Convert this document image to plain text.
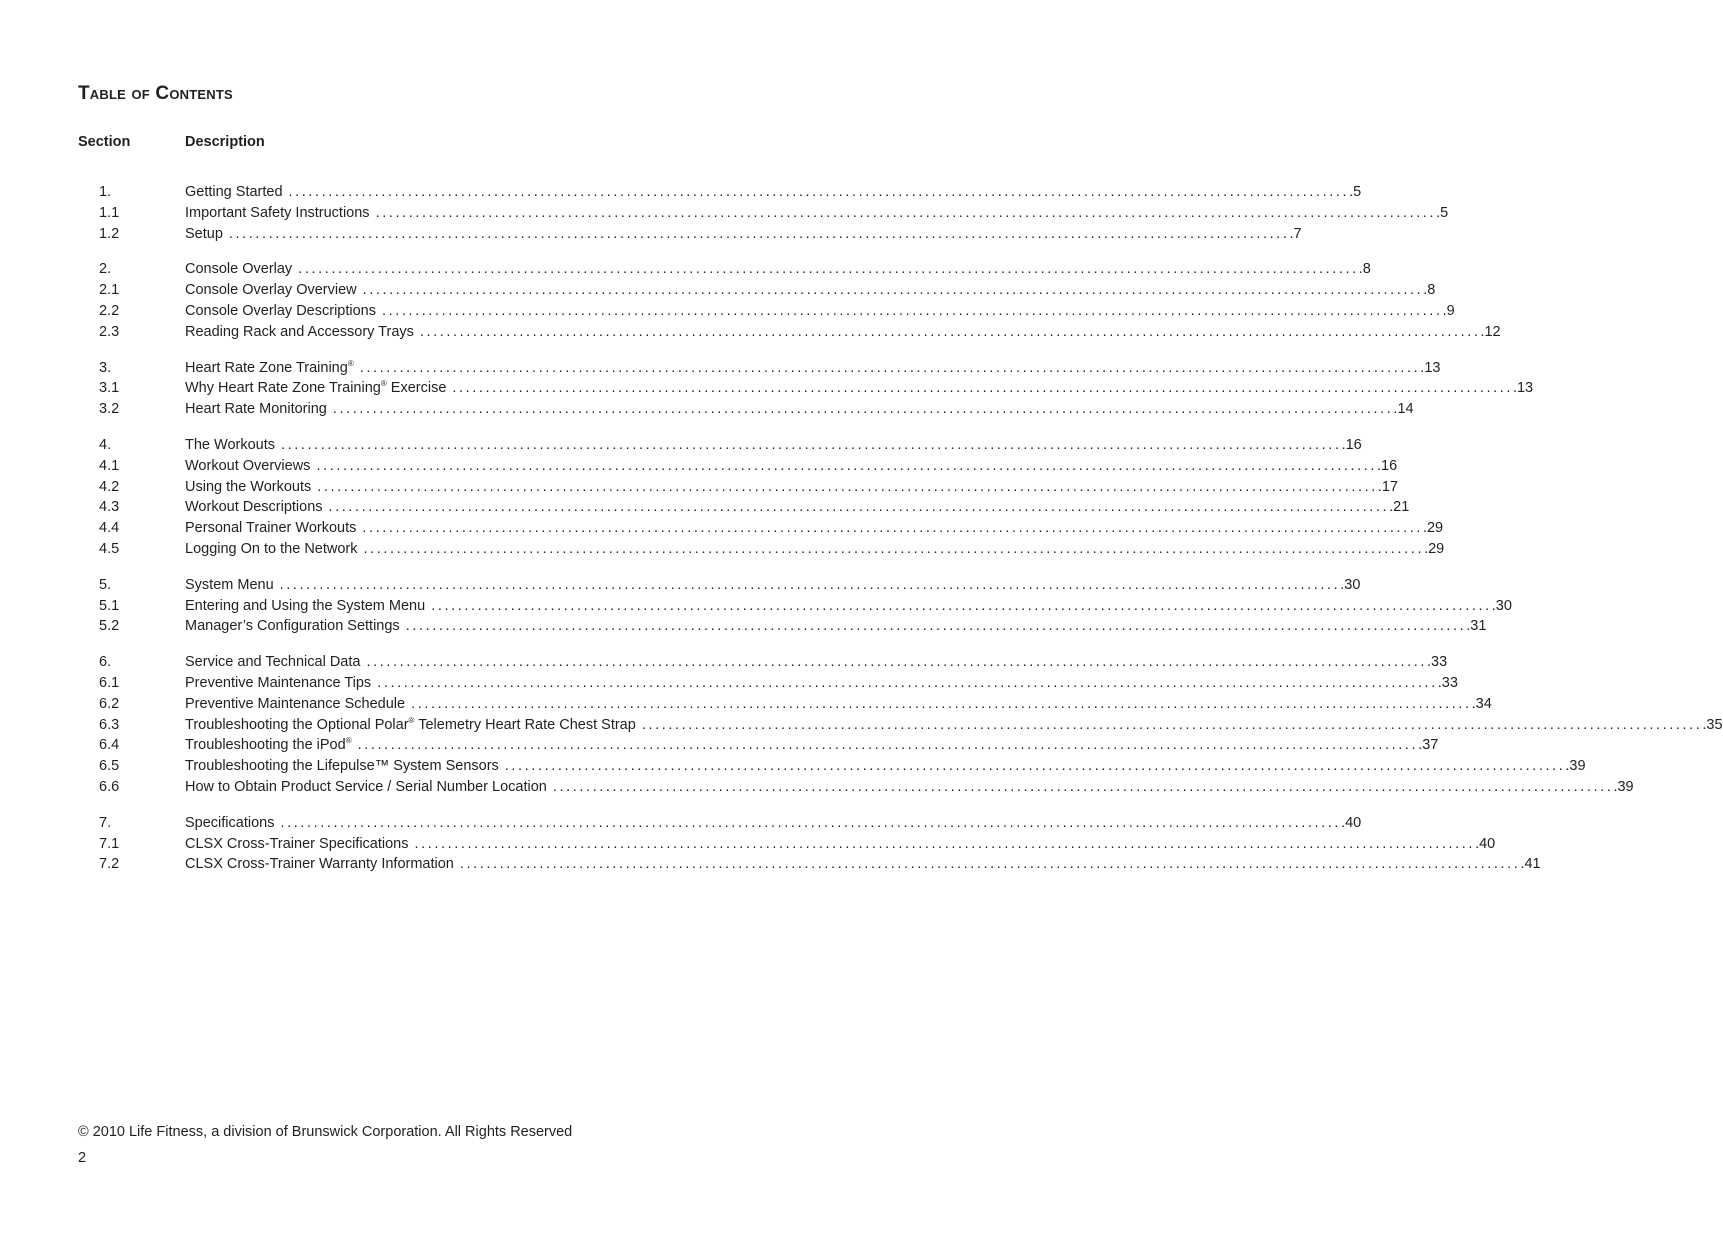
Table of Contents
Section	Description
1.	Getting Started ................................................................................................................................................................ .5
1.1	Important Safety Instructions ................................................................................................................................................................ .5
1.2	Setup ................................................................................................................................................................ .7
2.	Console Overlay ................................................................................................................................................................ .8
2.1	Console Overlay Overview ................................................................................................................................................................ .8
2.2	Console Overlay Descriptions ................................................................................................................................................................ .9
2.3	Reading Rack and Accessory Trays ................................................................................................................................................................ .12
3.	Heart Rate Zone Training® ................................................................................................................................................................ .13
3.1	Why Heart Rate Zone Training® Exercise ................................................................................................................................................................ .13
3.2	Heart Rate Monitoring ................................................................................................................................................................ .14
4.	The Workouts ................................................................................................................................................................ .16
4.1	Workout Overviews ................................................................................................................................................................ .16
4.2	Using the Workouts ................................................................................................................................................................ .17
4.3	Workout Descriptions ................................................................................................................................................................ .21
4.4	Personal Trainer Workouts ................................................................................................................................................................ .29
4.5	Logging On to the Network ................................................................................................................................................................ .29
5.	System Menu ................................................................................................................................................................ .30
5.1	Entering and Using the System Menu ................................................................................................................................................................ .30
5.2	Manager’s Configuration Settings ................................................................................................................................................................ .31
6.	Service and Technical Data ................................................................................................................................................................ .33
6.1	Preventive Maintenance Tips ................................................................................................................................................................ .33
6.2	Preventive Maintenance Schedule ................................................................................................................................................................ .34
6.3	Troubleshooting the Optional Polar® Telemetry Heart Rate Chest Strap ................................................................................................................................................................ .35
6.4	Troubleshooting the iPod® ................................................................................................................................................................ .37
6.5	Troubleshooting the Lifepulse™ System Sensors ................................................................................................................................................................ .39
6.6	How to Obtain Product Service / Serial Number Location ................................................................................................................................................................ .39
7.	Specifications ................................................................................................................................................................ .40
7.1	CLSX Cross-Trainer Specifications ................................................................................................................................................................ .40
7.2	CLSX Cross-Trainer Warranty Information ................................................................................................................................................................ .41
© 2010 Life Fitness, a division of Brunswick Corporation. All Rights Reserved
2
